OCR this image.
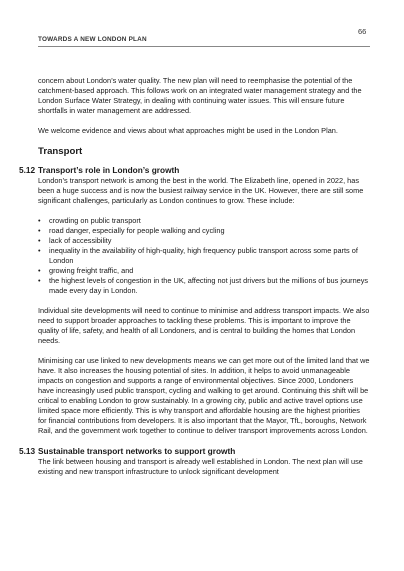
TOWARDS A NEW LONDON PLAN
66

concern about London’s water quality. The new plan will need to reemphasise the potential of the catchment-based approach. This follows work on an integrated water management strategy and the London Surface Water Strategy, in dealing with continuing water issues. This will ensure future shortfalls in water management are addressed.

We welcome evidence and views about what approaches might be used in the London Plan.

Transport
5.12 Transport’s role in London’s growth

London’s transport network is among the best in the world. The Elizabeth line, opened in 2022, has been a huge success and is now the busiest railway service in the UK. However, there are still some significant challenges, particularly as London continues to grow. These include:

• crowding on public transport
• road danger, especially for people walking and cycling
• lack of accessibility
• inequality in the availability of high-quality, high frequency public transport across some parts of London
• growing freight traffic, and
• the highest levels of congestion in the UK, affecting not just drivers but the millions of bus journeys made every day in London.

Individual site developments will need to continue to minimise and address transport impacts. We also need to support broader approaches to tackling these problems. This is important to improve the quality of life, safety, and health of all Londoners, and is central to building the homes that London needs.

Minimising car use linked to new developments means we can get more out of the limited land that we have. It also increases the housing potential of sites. In addition, it helps to avoid unmanageable impacts on congestion and supports a range of environmental objectives. Since 2000, Londoners have increasingly used public transport, cycling and walking to get around. Continuing this shift will be critical to enabling London to grow sustainably. In a growing city, public and active travel options use limited space more efficiently. This is why transport and affordable housing are the highest priorities for financial contributions from developers. It is also important that the Mayor, TfL, boroughs, Network Rail, and the government work together to continue to deliver transport improvements across London.

5.13 Sustainable transport networks to support growth

The link between housing and transport is already well established in London. The next plan will use existing and new transport infrastructure to unlock significant development
